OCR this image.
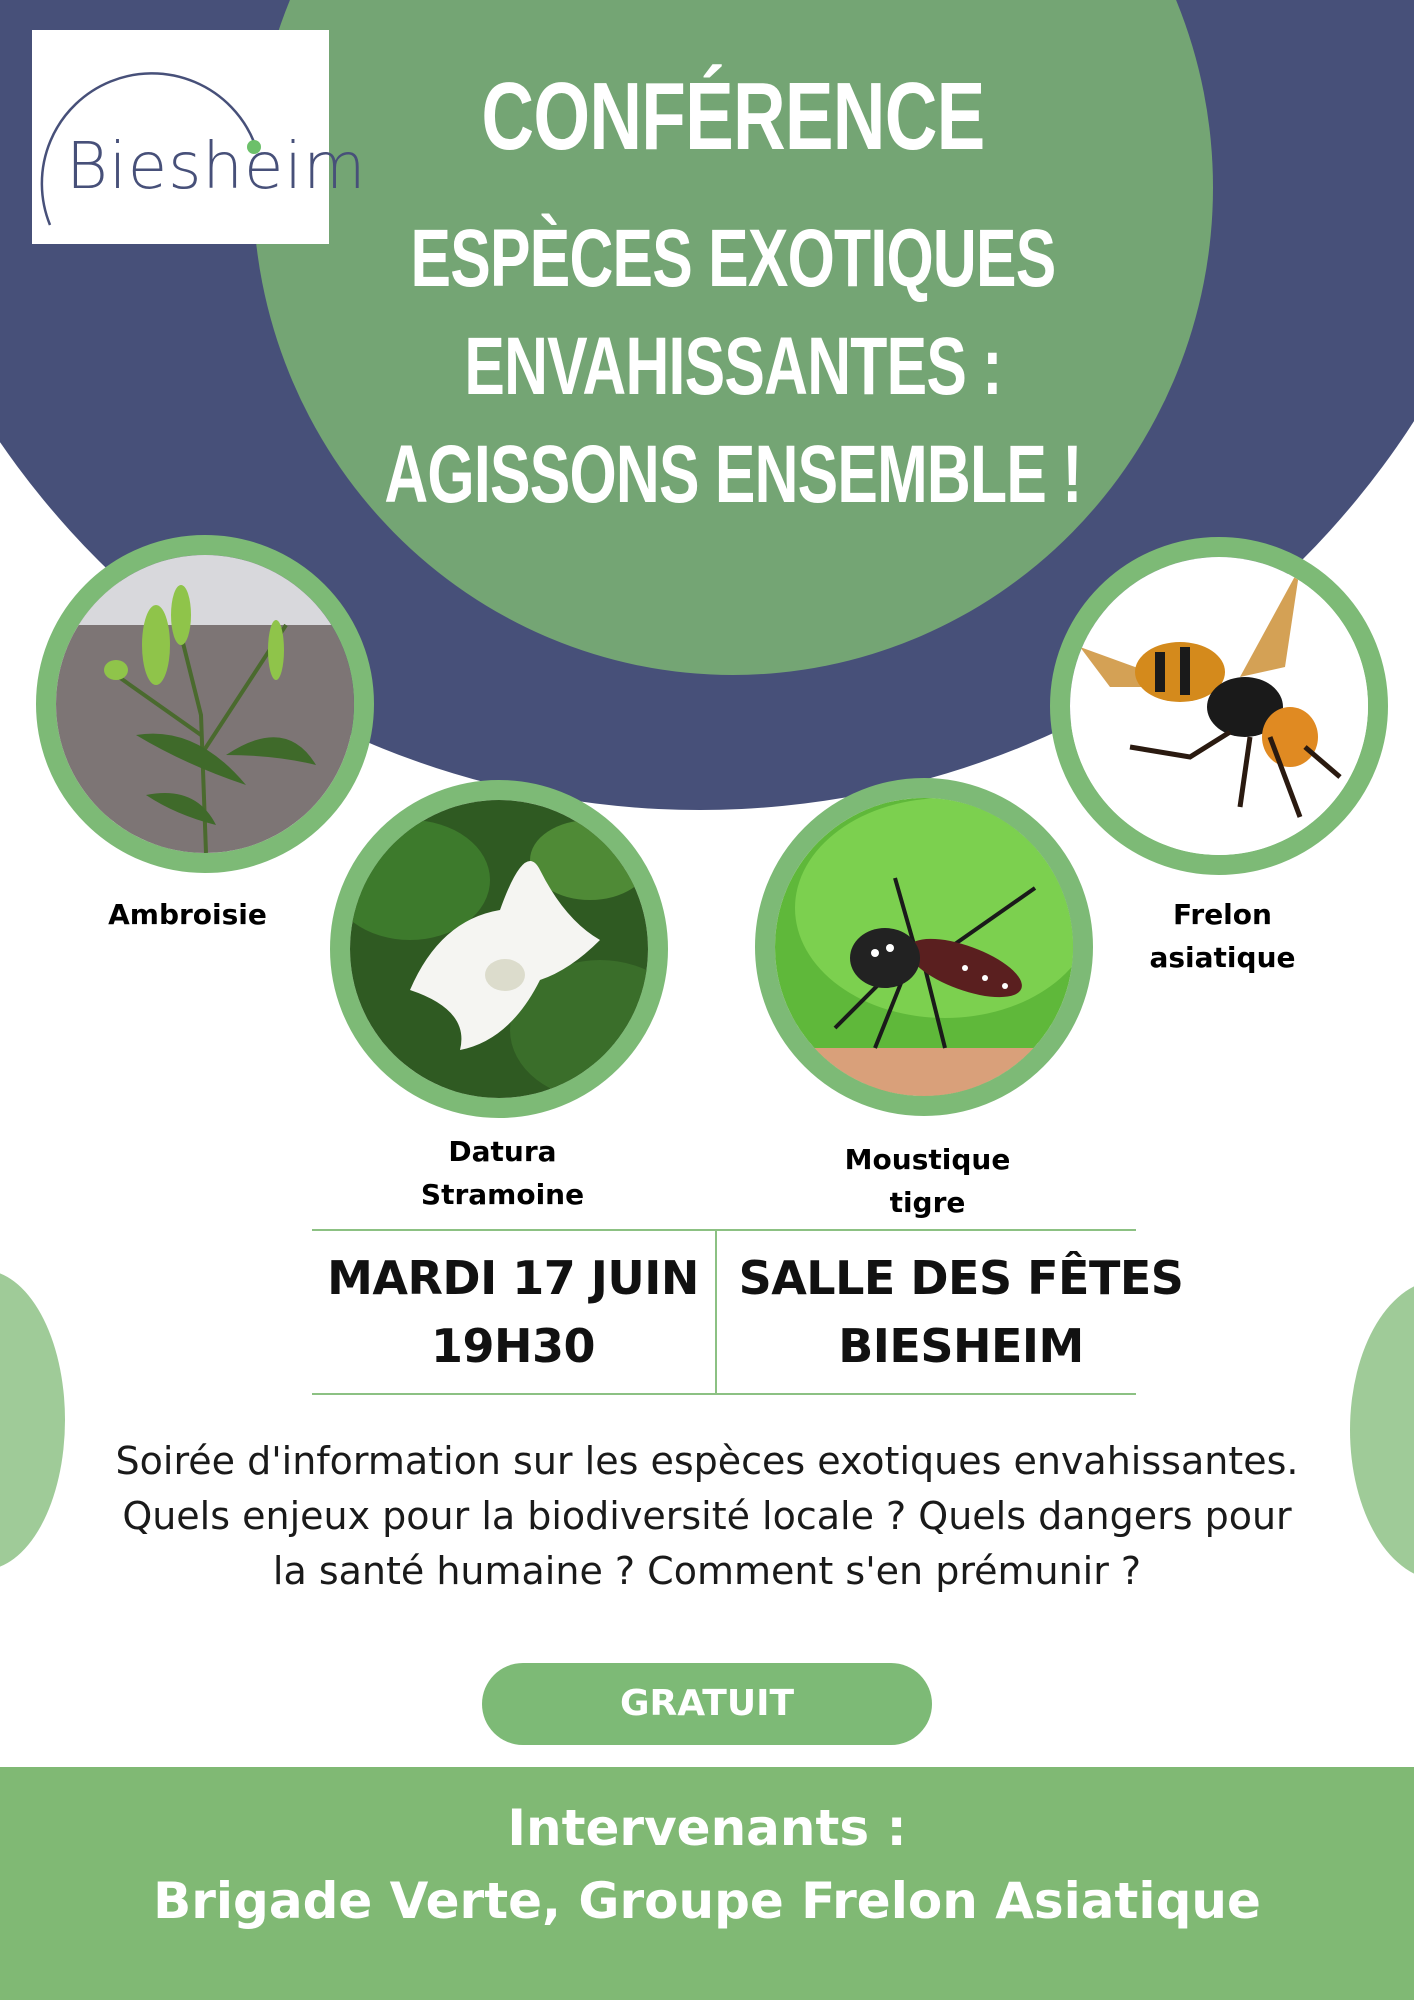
Biesheim	CONFÉRENCE
ESPÈCES EXOTIQUES
ENVAHISSANTES :
AGISSONS ENSEMBLE !
Ambroisie
Datura
Stramoine
Moustique
tigre
Frelon
asiatique
MARDI 17 JUIN
19H30
SALLE DES FÊTES
BIESHEIM
Soirée d'information sur les espèces exotiques envahissantes.
Quels enjeux pour la biodiversité locale ? Quels dangers pour
la santé humaine ? Comment s'en prémunir ?
GRATUIT
Intervenants :
Brigade Verte, Groupe Frelon Asiatique
